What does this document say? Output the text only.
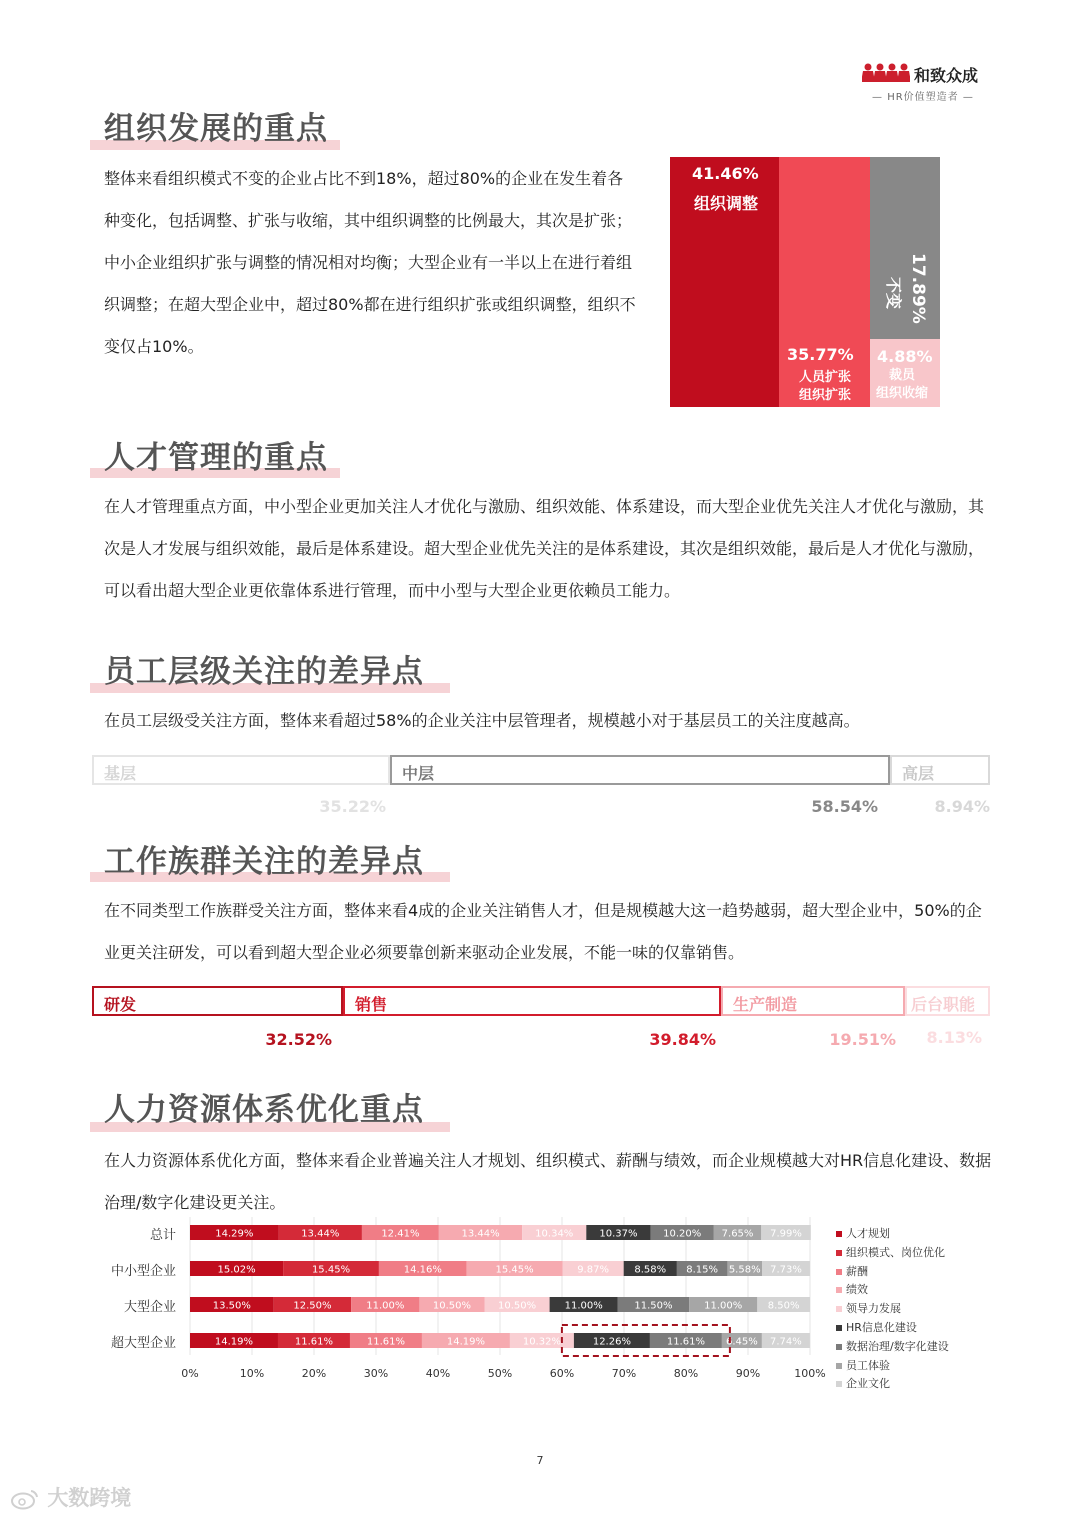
和致众成
— HR价值塑造者 —
组织发展的重点
整体来看组织模式不变的企业占比不到18%，超过80%的企业在发生着各种变化，包括调整、扩张与收缩，其中组织调整的比例最大，其次是扩张；中小企业组织扩张与调整的情况相对均衡；大型企业有一半以上在进行着组织调整；在超大型企业中，超过80%都在进行组织扩张或组织调整，组织不变仅占10%。
41.46%
组织调整
35.77%
人员扩张
组织扩张
17.89%
不变
4.88%
裁员
组织收缩
人才管理的重点
在人才管理重点方面，中小型企业更加关注人才优化与激励、组织效能、体系建设，而大型企业优先关注人才优化与激励，其次是人才发展与组织效能，最后是体系建设。超大型企业优先关注的是体系建设，其次是组织效能，最后是人才优化与激励，可以看出超大型企业更依靠体系进行管理，而中小型与大型企业更依赖员工能力。
员工层级关注的差异点
在员工层级受关注方面，整体来看超过58%的企业关注中层管理者，规模越小对于基层员工的关注度越高。
基层	中层	高层
35.22%	58.54%	8.94%
工作族群关注的差异点
在不同类型工作族群受关注方面，整体来看4成的企业关注销售人才，但是规模越大这一趋势越弱，超大型企业中，50%的企业更关注研发，可以看到超大型企业必须要靠创新来驱动企业发展，不能一味的仅靠销售。
研发	销售	生产制造	后台职能
32.52%	39.84%	19.51%	8.13%
人力资源体系优化重点
在人力资源体系优化方面，整体来看企业普遍关注人才规划、组织模式、薪酬与绩效，而企业规模越大对HR信息化建设、数据治理/数字化建设更关注。
14.29%	13.44%	12.41%	13.44%	10.34%	10.37%	10.20% 7.65% 7.99%
15.02%	15.45%	14.16%	15.45%	9.87%	8.58% 8.15% 5.58% 7.73%
13.50%	12.50%	11.00%	10.50%	10.50%	11.00%	11.50%	11.00%	8.50%
14.19%	11.61%	11.61%	14.19%	10.32%	12.26%	11.61% 6.45% 7.74%
总计
中小型企业
大型企业
超大型企业
0%	10%	20%	30%	40%	50%	60%	70%	80%	90%	100%
人才规划
组织模式、岗位优化
薪酬
绩效
领导力发展
HR信息化建设
数据治理/数字化建设
员工体验
企业文化
7
大数跨境
